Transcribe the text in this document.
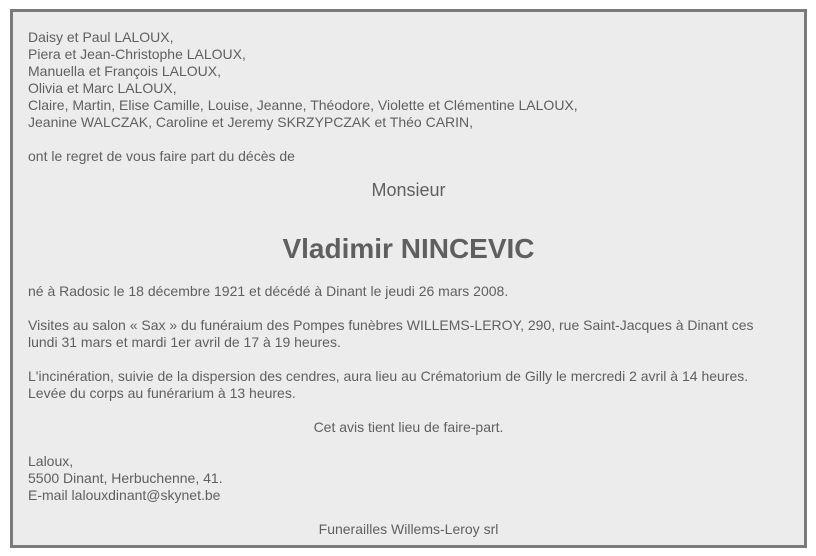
Daisy et Paul LALOUX,
Piera et Jean-Christophe LALOUX,
Manuella et François LALOUX,
Olivia et Marc LALOUX,
Claire, Martin, Elise Camille, Louise, Jeanne, Théodore, Violette et Clémentine LALOUX,
Jeanine WALCZAK, Caroline et Jeremy SKRZYPCZAK et Théo CARIN,
ont le regret de vous faire part du décès de
Monsieur
Vladimir NINCEVIC
né à Radosic le 18 décembre 1921 et décédé à Dinant le jeudi 26 mars 2008.
Visites au salon « Sax » du funéraium des Pompes funèbres WILLEMS-LEROY, 290, rue Saint-Jacques à Dinant ces
lundi 31 mars et mardi 1er avril de 17 à 19 heures.
L'incinération, suivie de la dispersion des cendres, aura lieu au Crématorium de Gilly le mercredi 2 avril à 14 heures.
Levée du corps au funérarium à 13 heures.
Cet avis tient lieu de faire-part.
Laloux,
5500 Dinant, Herbuchenne, 41.
E-mail lalouxdinant@skynet.be
Funerailles Willems-Leroy srl
